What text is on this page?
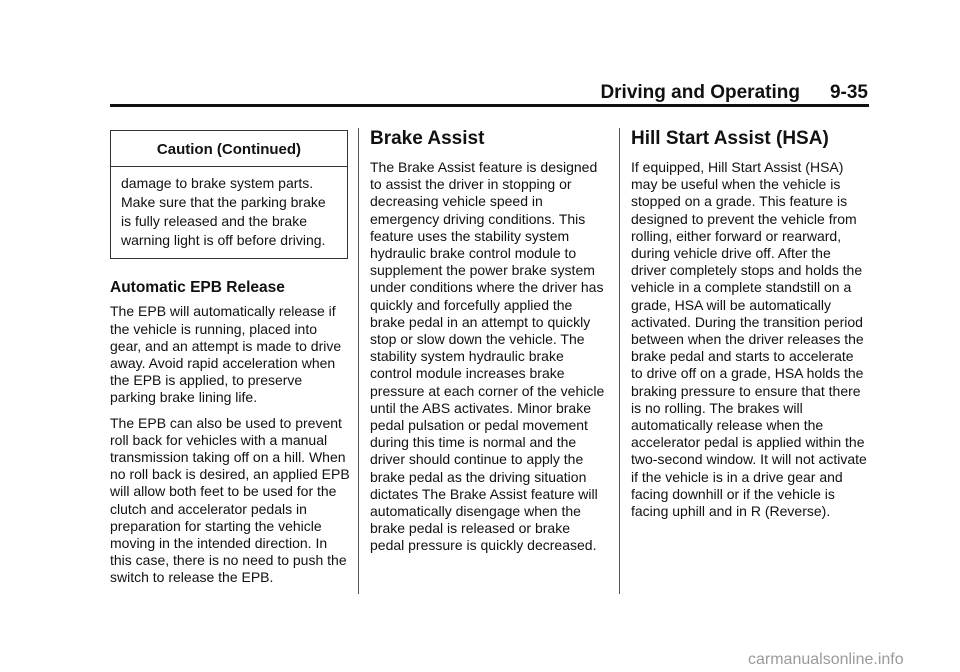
Driving and Operating 9-35
Caution (Continued)
damage to brake system parts. Make sure that the parking brake is fully released and the brake warning light is off before driving.
Automatic EPB Release

The EPB will automatically release if the vehicle is running, placed into gear, and an attempt is made to drive away. Avoid rapid acceleration when the EPB is applied, to preserve parking brake lining life.

The EPB can also be used to prevent roll back for vehicles with a manual transmission taking off on a hill. When no roll back is desired, an applied EPB will allow both feet to be used for the clutch and accelerator pedals in preparation for starting the vehicle moving in the intended direction. In this case, there is no need to push the switch to release the EPB.

Brake Assist

The Brake Assist feature is designed to assist the driver in stopping or decreasing vehicle speed in emergency driving conditions. This feature uses the stability system hydraulic brake control module to supplement the power brake system under conditions where the driver has quickly and forcefully applied the brake pedal in an attempt to quickly stop or slow down the vehicle. The stability system hydraulic brake control module increases brake pressure at each corner of the vehicle until the ABS activates. Minor brake pedal pulsation or pedal movement during this time is normal and the driver should continue to apply the brake pedal as the driving situation dictates The Brake Assist feature will automatically disengage when the brake pedal is released or brake pedal pressure is quickly decreased.

Hill Start Assist (HSA)

If equipped, Hill Start Assist (HSA) may be useful when the vehicle is stopped on a grade. This feature is designed to prevent the vehicle from rolling, either forward or rearward, during vehicle drive off. After the driver completely stops and holds the vehicle in a complete standstill on a grade, HSA will be automatically activated. During the transition period between when the driver releases the brake pedal and starts to accelerate to drive off on a grade, HSA holds the braking pressure to ensure that there is no rolling. The brakes will automatically release when the accelerator pedal is applied within the two-second window. It will not activate if the vehicle is in a drive gear and facing downhill or if the vehicle is facing uphill and in R (Reverse).

carmanualsonline.info
